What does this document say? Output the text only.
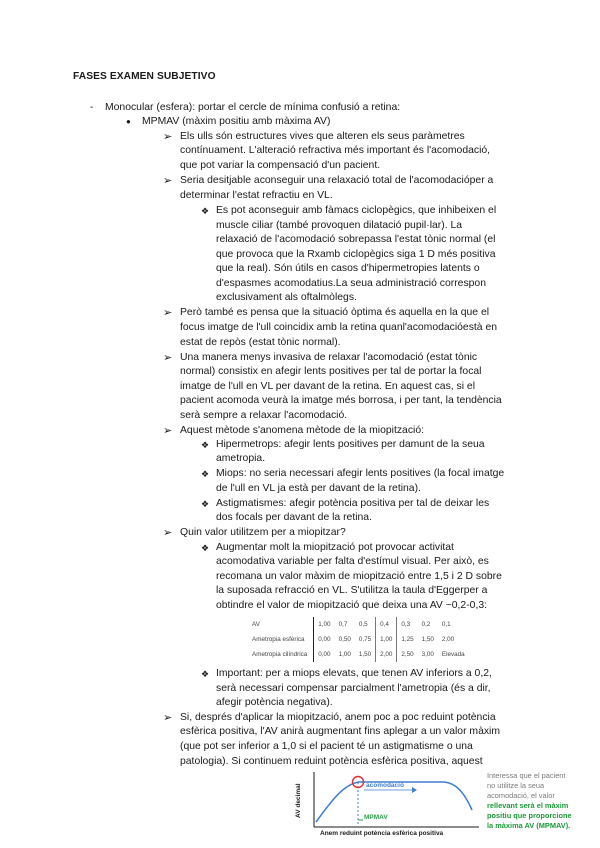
FASES EXAMEN SUBJETIVO
-
●
Monocular (esfera): portar el cercle de mínima confusió a retina:
MPMAV (màxim positiu amb màxima AV)
➢ Els ulls són estructures vives que alteren els seus paràmetres
contínuament. L'alteració refractiva més important és l'acomodació,
que pot variar la compensació d'un pacient.
➢ Seria desitjable aconseguir una relaxació total de l'acomodacióper a
determinar l'estat refractiu en VL.
❖ Es pot aconseguir amb fàmacs ciclopègics, que inhibeixen el
muscle ciliar (també provoquen dilatació pupil·lar). La
relaxació de l'acomodació sobrepassa l'estat tònic normal (el
que provoca que la Rxamb ciclopègics siga 1 D més positiva
que la real). Són útils en casos d'hipermetropies latents o
d'espasmes acomodatius.La seua administració correspon
exclusivament als oftalmòlegs.
➢ Però també es pensa que la situació òptima és aquella en la que el
focus imatge de l'ull coincidix amb la retina quanl'acomodacióestà en
estat de repòs (estat tònic normal).
➢ Una manera menys invasiva de relaxar l'acomodació (estat tònic
normal) consistix en afegir lents positives per tal de portar la focal
imatge de l'ull en VL per davant de la retina. En aquest cas, si el
pacient acomoda veurà la imatge més borrosa, i per tant, la tendència
serà sempre a relaxar l'acomodació.
➢ Aquest mètode s'anomena mètode de la miopització:
❖ Hipermetrops: afegir lents positives per damunt de la seua
ametropia.
❖ Miops: no seria necessari afegir lents positives (la focal imatge
de l'ull en VL ja està per davant de la retina).
❖ Astigmatismes: afegir potència positiva per tal de deixar les
dos focals per davant de la retina.
➢ Quin valor utilitzem per a miopitzar?
❖ Augmentar molt la miopització pot provocar activitat
acomodativa variable per falta d'estímul visual. Per això, es
recomana un valor màxim de miopització entre 1,5 i 2 D sobre
la suposada refracció en VL. S'utilitza la taula d'Eggerper a
obtindre el valor de miopització que deixa una AV ~0,2-0,3:
AV	1,00	0,7	0,5	0,4	0,3	0,2	0,1
Ametropia esfèrica	0,00	0,50	0,75	1,00	1,25	1,50	2,00
Ametropia cilíndrica	0,00	1,00	1,50	2,00	2,50	3,00	Elevada
❖ Important: per a miops elevats, que tenen AV inferiors a 0,2,
serà necessari compensar parcialment l'ametropia (és a dir,
afegir potència negativa).
➢ Si, després d'aplicar la miopització, anem poc a poc reduint potència
esfèrica positiva, l'AV anirà augmentant fins aplegar a un valor màxim
(que pot ser inferior a 1,0 si el pacient té un astigmatisme o una
patologia). Si continuem reduint potència esfèrica positiva, aquest
AV decimal	acomodació
MPMAV
Anem reduint potència esfèrica positiva
Interessa que el pacient
no utilitze la seua
acomodació, el valor
rellevant serà el màxim
positiu que proporcione
la màxima AV (MPMAV).
